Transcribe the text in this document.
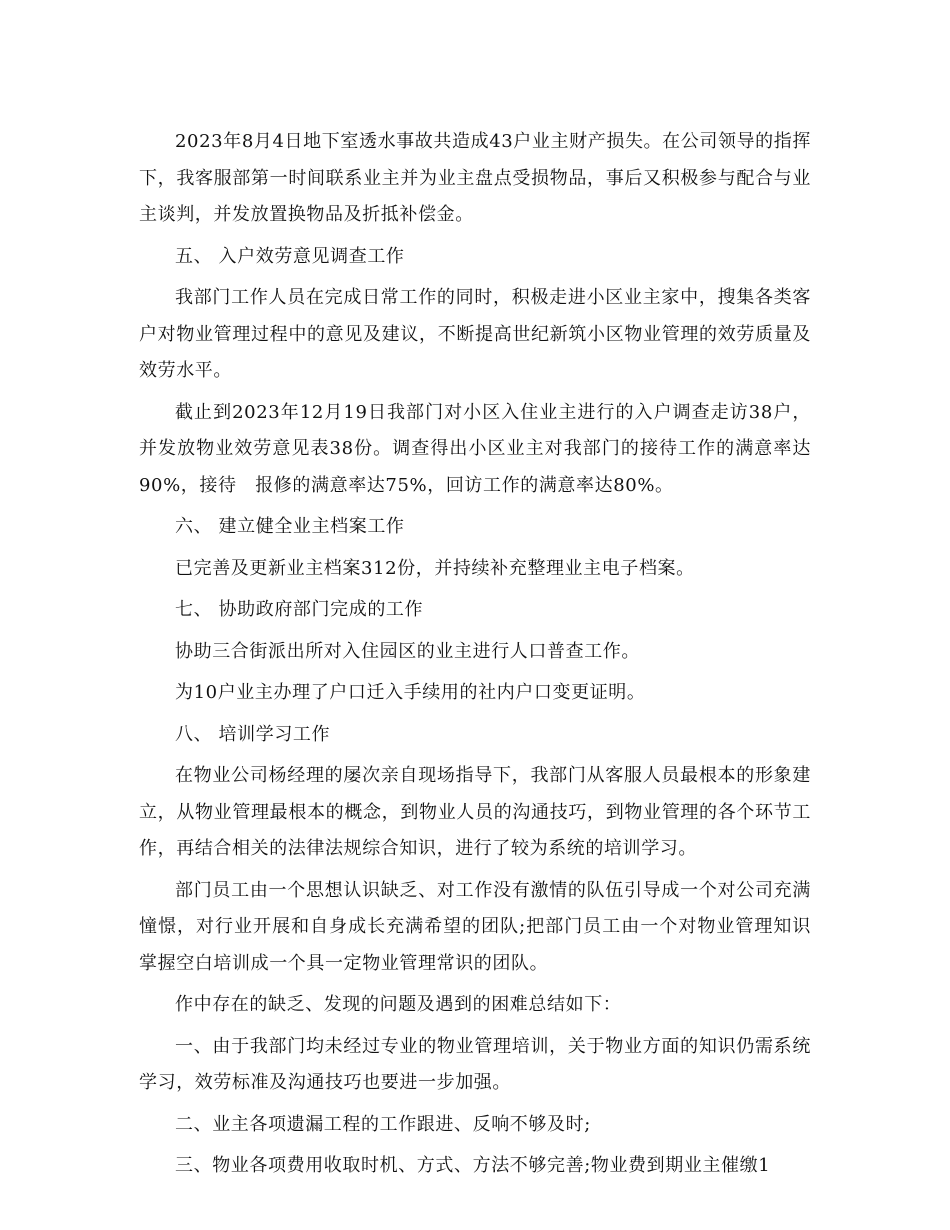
2023年8月4日地下室透水事故共造成43户业主财产损失。在公司领导的指挥下，我客服部第一时间联系业主并为业主盘点受损物品，事后又积极参与配合与业主谈判，并发放置换物品及折抵补偿金。

五、 入户效劳意见调查工作

我部门工作人员在完成日常工作的同时，积极走进小区业主家中，搜集各类客户对物业管理过程中的意见及建议，不断提高世纪新筑小区物业管理的效劳质量及效劳水平。

截止到2023年12月19日我部门对小区入住业主进行的入户调查走访38户，并发放物业效劳意见表38份。调查得出小区业主对我部门的接待工作的满意率达90%，接待　报修的满意率达75%，回访工作的满意率达80%。

六、 建立健全业主档案工作

已完善及更新业主档案312份，并持续补充整理业主电子档案。

七、 协助政府部门完成的工作

协助三合街派出所对入住园区的业主进行人口普查工作。

为10户业主办理了户口迁入手续用的社内户口变更证明。

八、 培训学习工作

在物业公司杨经理的屡次亲自现场指导下，我部门从客服人员最根本的形象建立，从物业管理最根本的概念，到物业人员的沟通技巧，到物业管理的各个环节工作，再结合相关的法律法规综合知识，进行了较为系统的培训学习。

部门员工由一个思想认识缺乏、对工作没有激情的队伍引导成一个对公司充满憧憬，对行业开展和自身成长充满希望的团队;把部门员工由一个对物业管理知识掌握空白培训成一个具一定物业管理常识的团队。

作中存在的缺乏、发现的问题及遇到的困难总结如下：

一、由于我部门均未经过专业的物业管理培训，关于物业方面的知识仍需系统学习，效劳标准及沟通技巧也要进一步加强。

二、业主各项遗漏工程的工作跟进、反响不够及时;

三、物业各项费用收取时机、方式、方法不够完善;物业费到期业主催缴1
